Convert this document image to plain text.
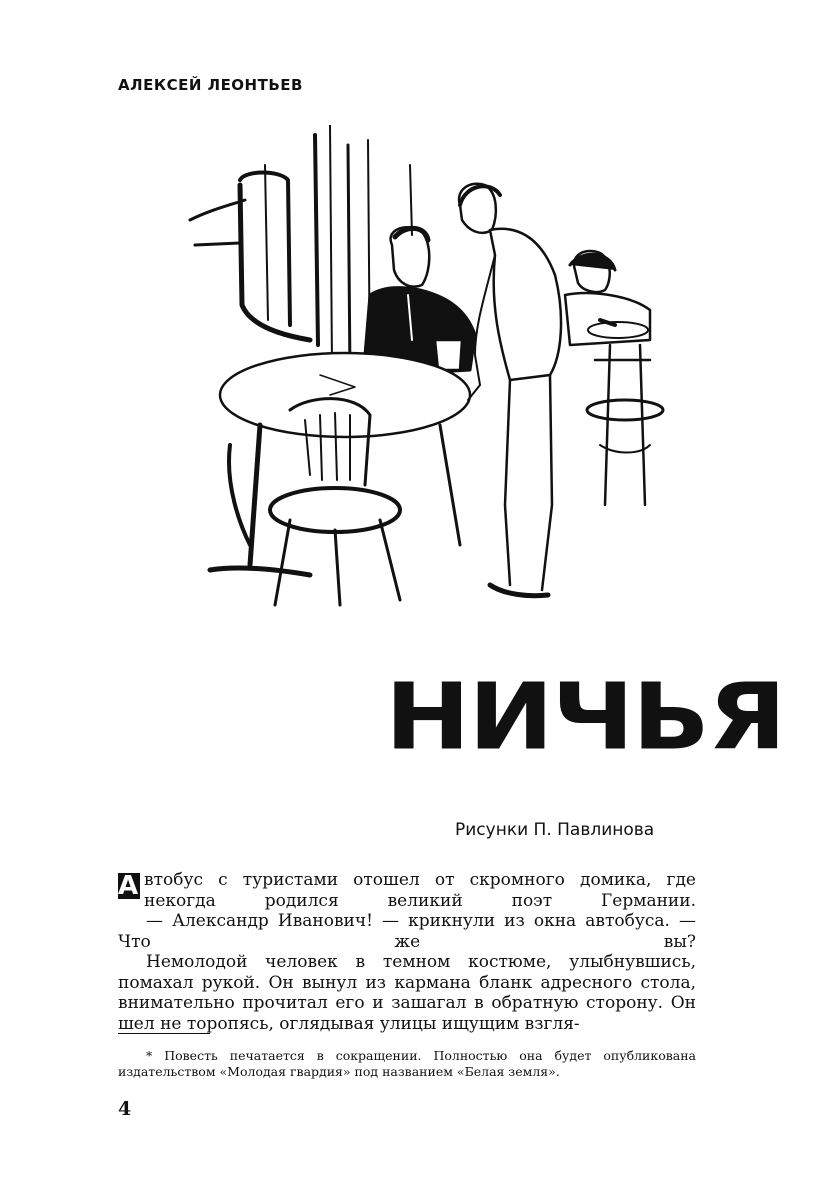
АЛЕКСЕЙ ЛЕОНТЬЕВ
НИЧЬЯ
Рисунки П. Павлинова

А втобус с туристами отошел от скромного домика, где некогда родился великий поэт Германии.

— Александр Иванович! — крикнули из окна автобуса. — Что же вы?

Немолодой человек в темном костюме, улыбнувшись, помахал рукой. Он вынул из кармана бланк адресного стола, внимательно прочитал его и зашагал в обратную сторону. Он шел не торопясь, оглядывая улицы ищущим взгля-

* Повесть печатается в сокращении. Полностью она будет опубликована издательством «Молодая гвардия» под названием «Белая земля».

4
